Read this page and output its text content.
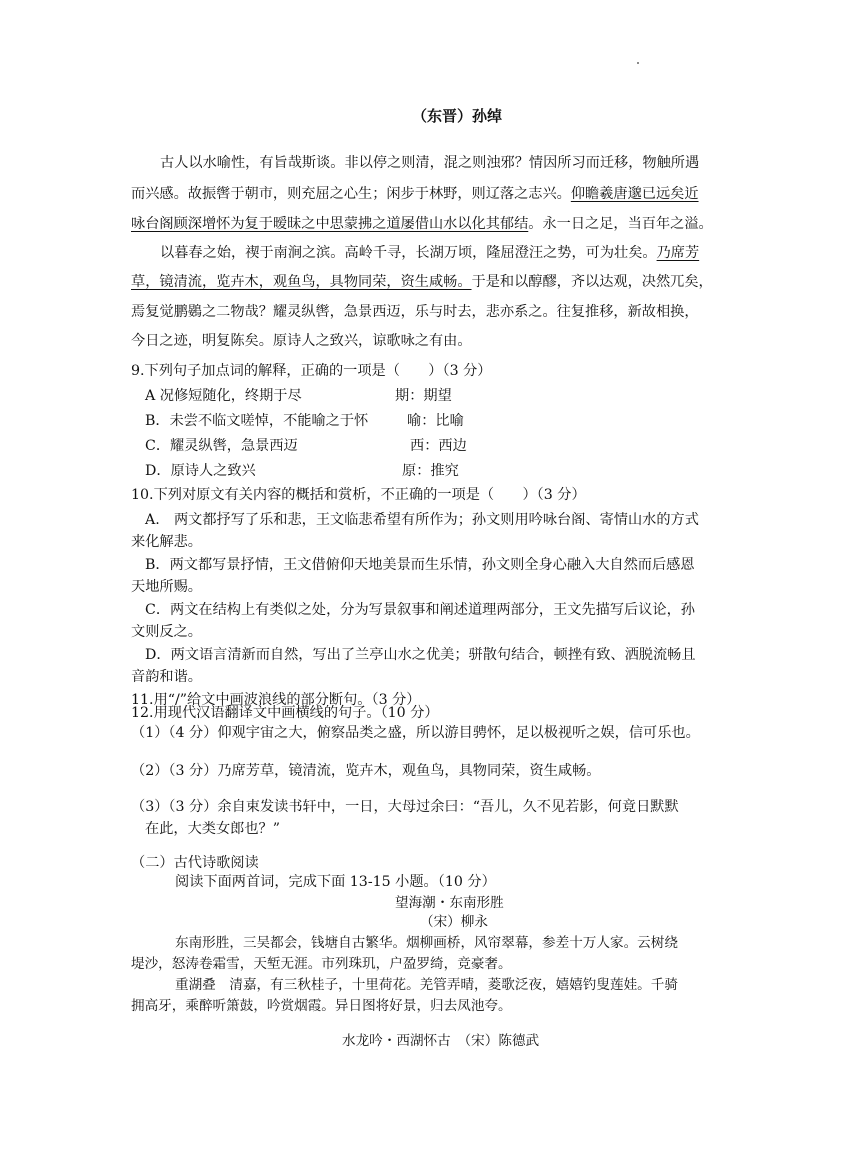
（东晋）孙绰
古人以水喻性，有旨哉斯谈。非以停之则清，混之则浊邪？情因所习而迁移，物触所遇
而兴感。故振辔于朝市，则充屈之心生；闲步于林野，则辽落之志兴。仰瞻羲唐邈已远矣近
咏台阁顾深增怀为复于暧昧之中思蒙拂之道屡借山水以化其郁结。永一日之足，当百年之溢。
以暮春之始，禊于南涧之滨。高岭千寻，长湖万顷，隆屈澄汪之势，可为壮矣。乃席芳
草，镜清流，览卉木，观鱼鸟，具物同荣，资生咸畅。于是和以醇醪，齐以达观，决然兀矣，
焉复觉鹏鷃之二物哉？耀灵纵辔，急景西迈，乐与时去，悲亦系之。往复推移，新故相换，
今日之迹，明复陈矣。原诗人之致兴，谅歌咏之有由。
9.下列句子加点词的解释，正确的一项是（　　）（3 分）
A 况修短随化，终期于尽	期：期望
B．未尝不临文嗟悼，不能喻之于怀	喻：比喻
C．耀灵纵辔，急景西迈	西：西边
D．原诗人之致兴	原：推究
10.下列对原文有关内容的概括和赏析，不正确的一项是（　　）（3 分）
A.　两文都抒写了乐和悲，王文临悲希望有所作为；孙文则用吟咏台阁、寄情山水的方式
来化解悲。
B．两文都写景抒情，王文借俯仰天地美景而生乐情，孙文则全身心融入大自然而后感恩
天地所赐。
C．两文在结构上有类似之处，分为写景叙事和阐述道理两部分，王文先描写后议论，孙
文则反之。
D．两文语言清新而自然，写出了兰亭山水之优美；骈散句结合，顿挫有致、洒脱流畅且
音韵和谐。
11.用“/”给文中画波浪线的部分断句。（3 分）
12.用现代汉语翻译文中画横线的句子。（10 分）
（1）（4 分）仰观宇宙之大，俯察品类之盛，所以游目骋怀，足以极视听之娱，信可乐也。
（2）（3 分）乃席芳草，镜清流，览卉木，观鱼鸟，具物同荣，资生咸畅。
（3）（3 分）余自束发读书轩中，一日，大母过余曰：“吾儿，久不见若影，何竟日默默
在此，大类女郎也？”
（二）古代诗歌阅读
阅读下面两首词，完成下面 13-15 小题。（10 分）
望海潮・东南形胜
（宋）柳永
东南形胜，三吴都会，钱塘自古繁华。烟柳画桥，风帘翠幕，参差十万人家。云树绕
堤沙，怒涛卷霜雪，天堑无涯。市列珠玑，户盈罗绮，竞豪奢。
重湖叠　清嘉，有三秋桂子，十里荷花。羌管弄晴，菱歌泛夜，嬉嬉钓叟莲娃。千骑
拥高牙，乘醉听箫鼓，吟赏烟霞。异日图将好景，归去凤池夸。
水龙吟・西湖怀古　（宋）陈德武
